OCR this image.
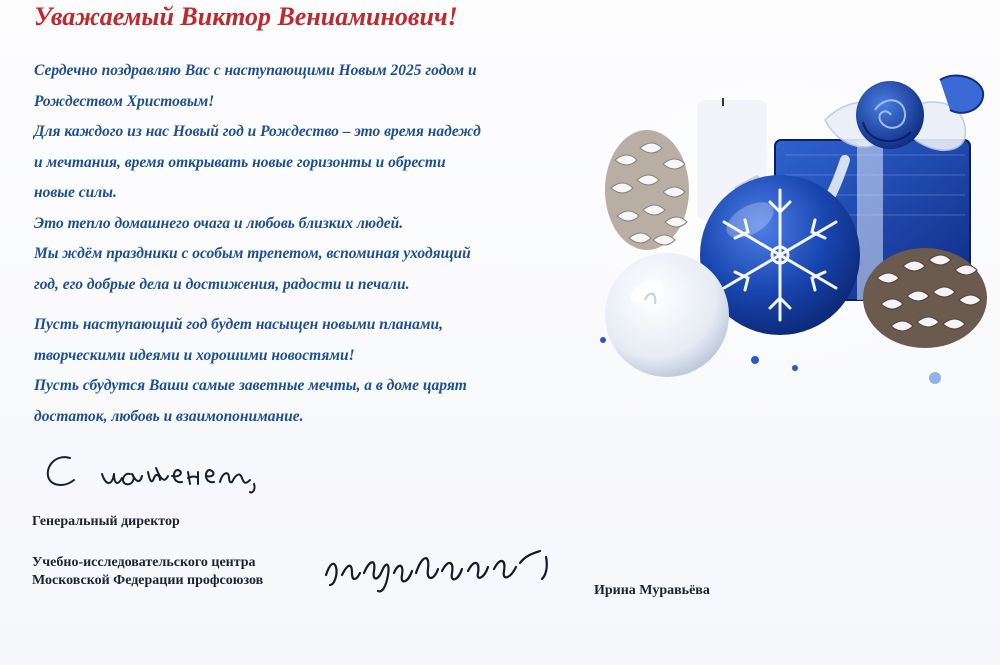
Уважаемый Виктор Вениаминович!

Сердечно поздравляю Вас с наступающими Новым 2025 годом и

Рождеством Христовым!

Для каждого из нас Новый год и Рождество – это время надежд

и мечтания, время открывать новые горизонты и обрести

новые силы.

Это тепло домашнего очага и любовь близких людей.

Мы ждём праздники с особым трепетом, вспоминая уходящий

год, его добрые дела и достижения, радости и печали.

Пусть наступающий год будет насыщен новыми планами,

творческими идеями и хорошими новостями!

Пусть сбудутся Ваши самые заветные мечты, а в доме царят

достаток, любовь и взаимопонимание.

Генеральный директор
Учебно-исследовательского центра
Московской Федерации профсоюзов
Ирина Муравьёва
